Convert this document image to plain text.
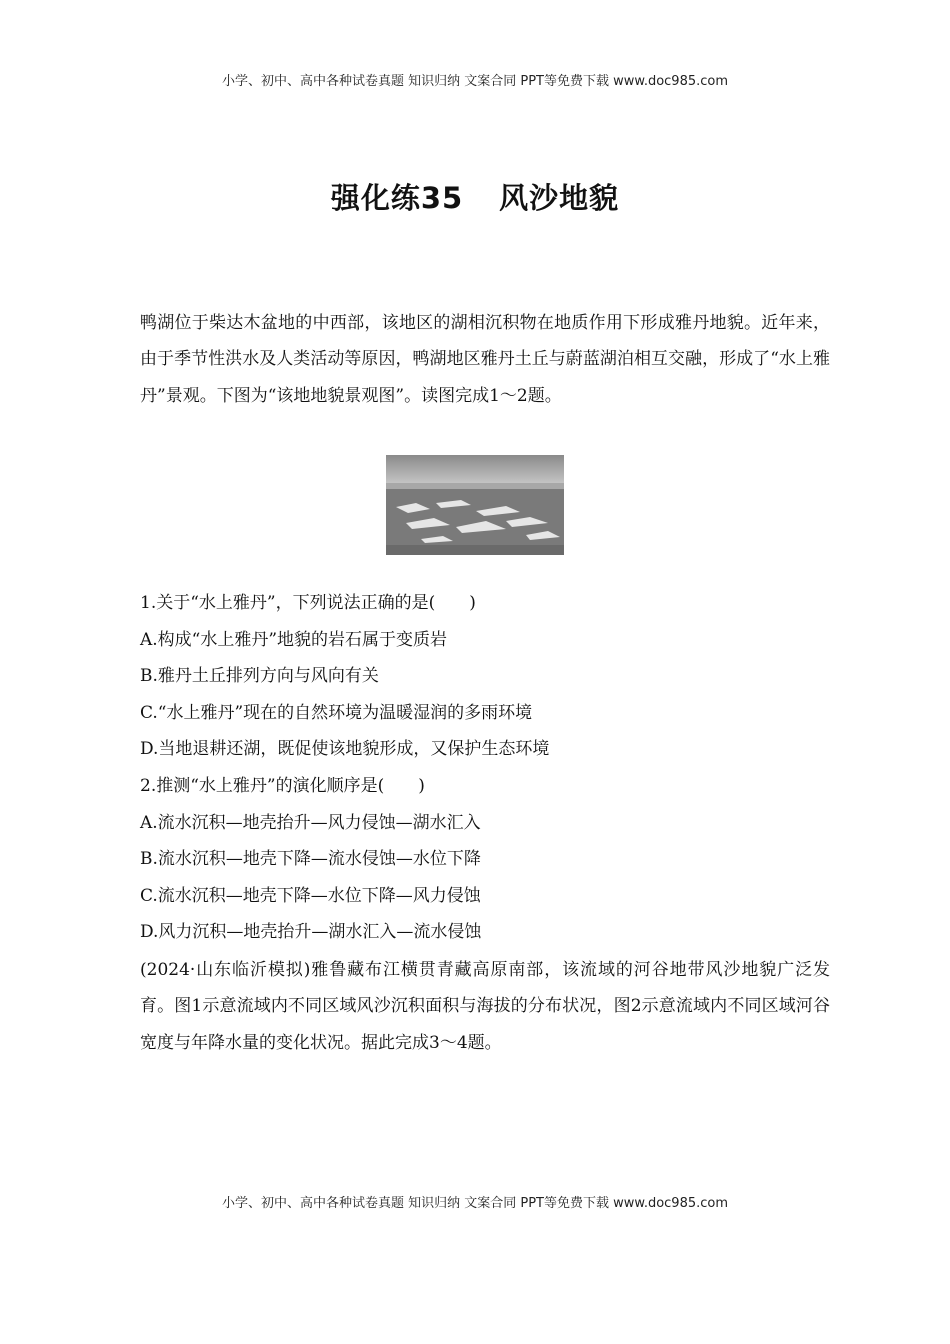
小学、初中、高中各种试卷真题 知识归纳 文案合同 PPT等免费下载 www.doc985.com
强化练35 风沙地貌
鸭湖位于柴达木盆地的中西部，该地区的湖相沉积物在地质作用下形成雅丹地貌。近年来，由于季节性洪水及人类活动等原因，鸭湖地区雅丹土丘与蔚蓝湖泊相互交融，形成了“水上雅丹”景观。下图为“该地地貌景观图”。读图完成1～2题。
1.关于“水上雅丹”，下列说法正确的是(　　)
A.构成“水上雅丹”地貌的岩石属于变质岩
B.雅丹土丘排列方向与风向有关
C.“水上雅丹”现在的自然环境为温暖湿润的多雨环境
D.当地退耕还湖，既促使该地貌形成，又保护生态环境
2.推测“水上雅丹”的演化顺序是(　　)
A.流水沉积—地壳抬升—风力侵蚀—湖水汇入
B.流水沉积—地壳下降—流水侵蚀—水位下降
C.流水沉积—地壳下降—水位下降—风力侵蚀
D.风力沉积—地壳抬升—湖水汇入—流水侵蚀
(2024·山东临沂模拟)雅鲁藏布江横贯青藏高原南部，该流域的河谷地带风沙地貌广泛发育。图1示意流域内不同区域风沙沉积面积与海拔的分布状况，图2示意流域内不同区域河谷宽度与年降水量的变化状况。据此完成3～4题。
小学、初中、高中各种试卷真题 知识归纳 文案合同 PPT等免费下载 www.doc985.com
